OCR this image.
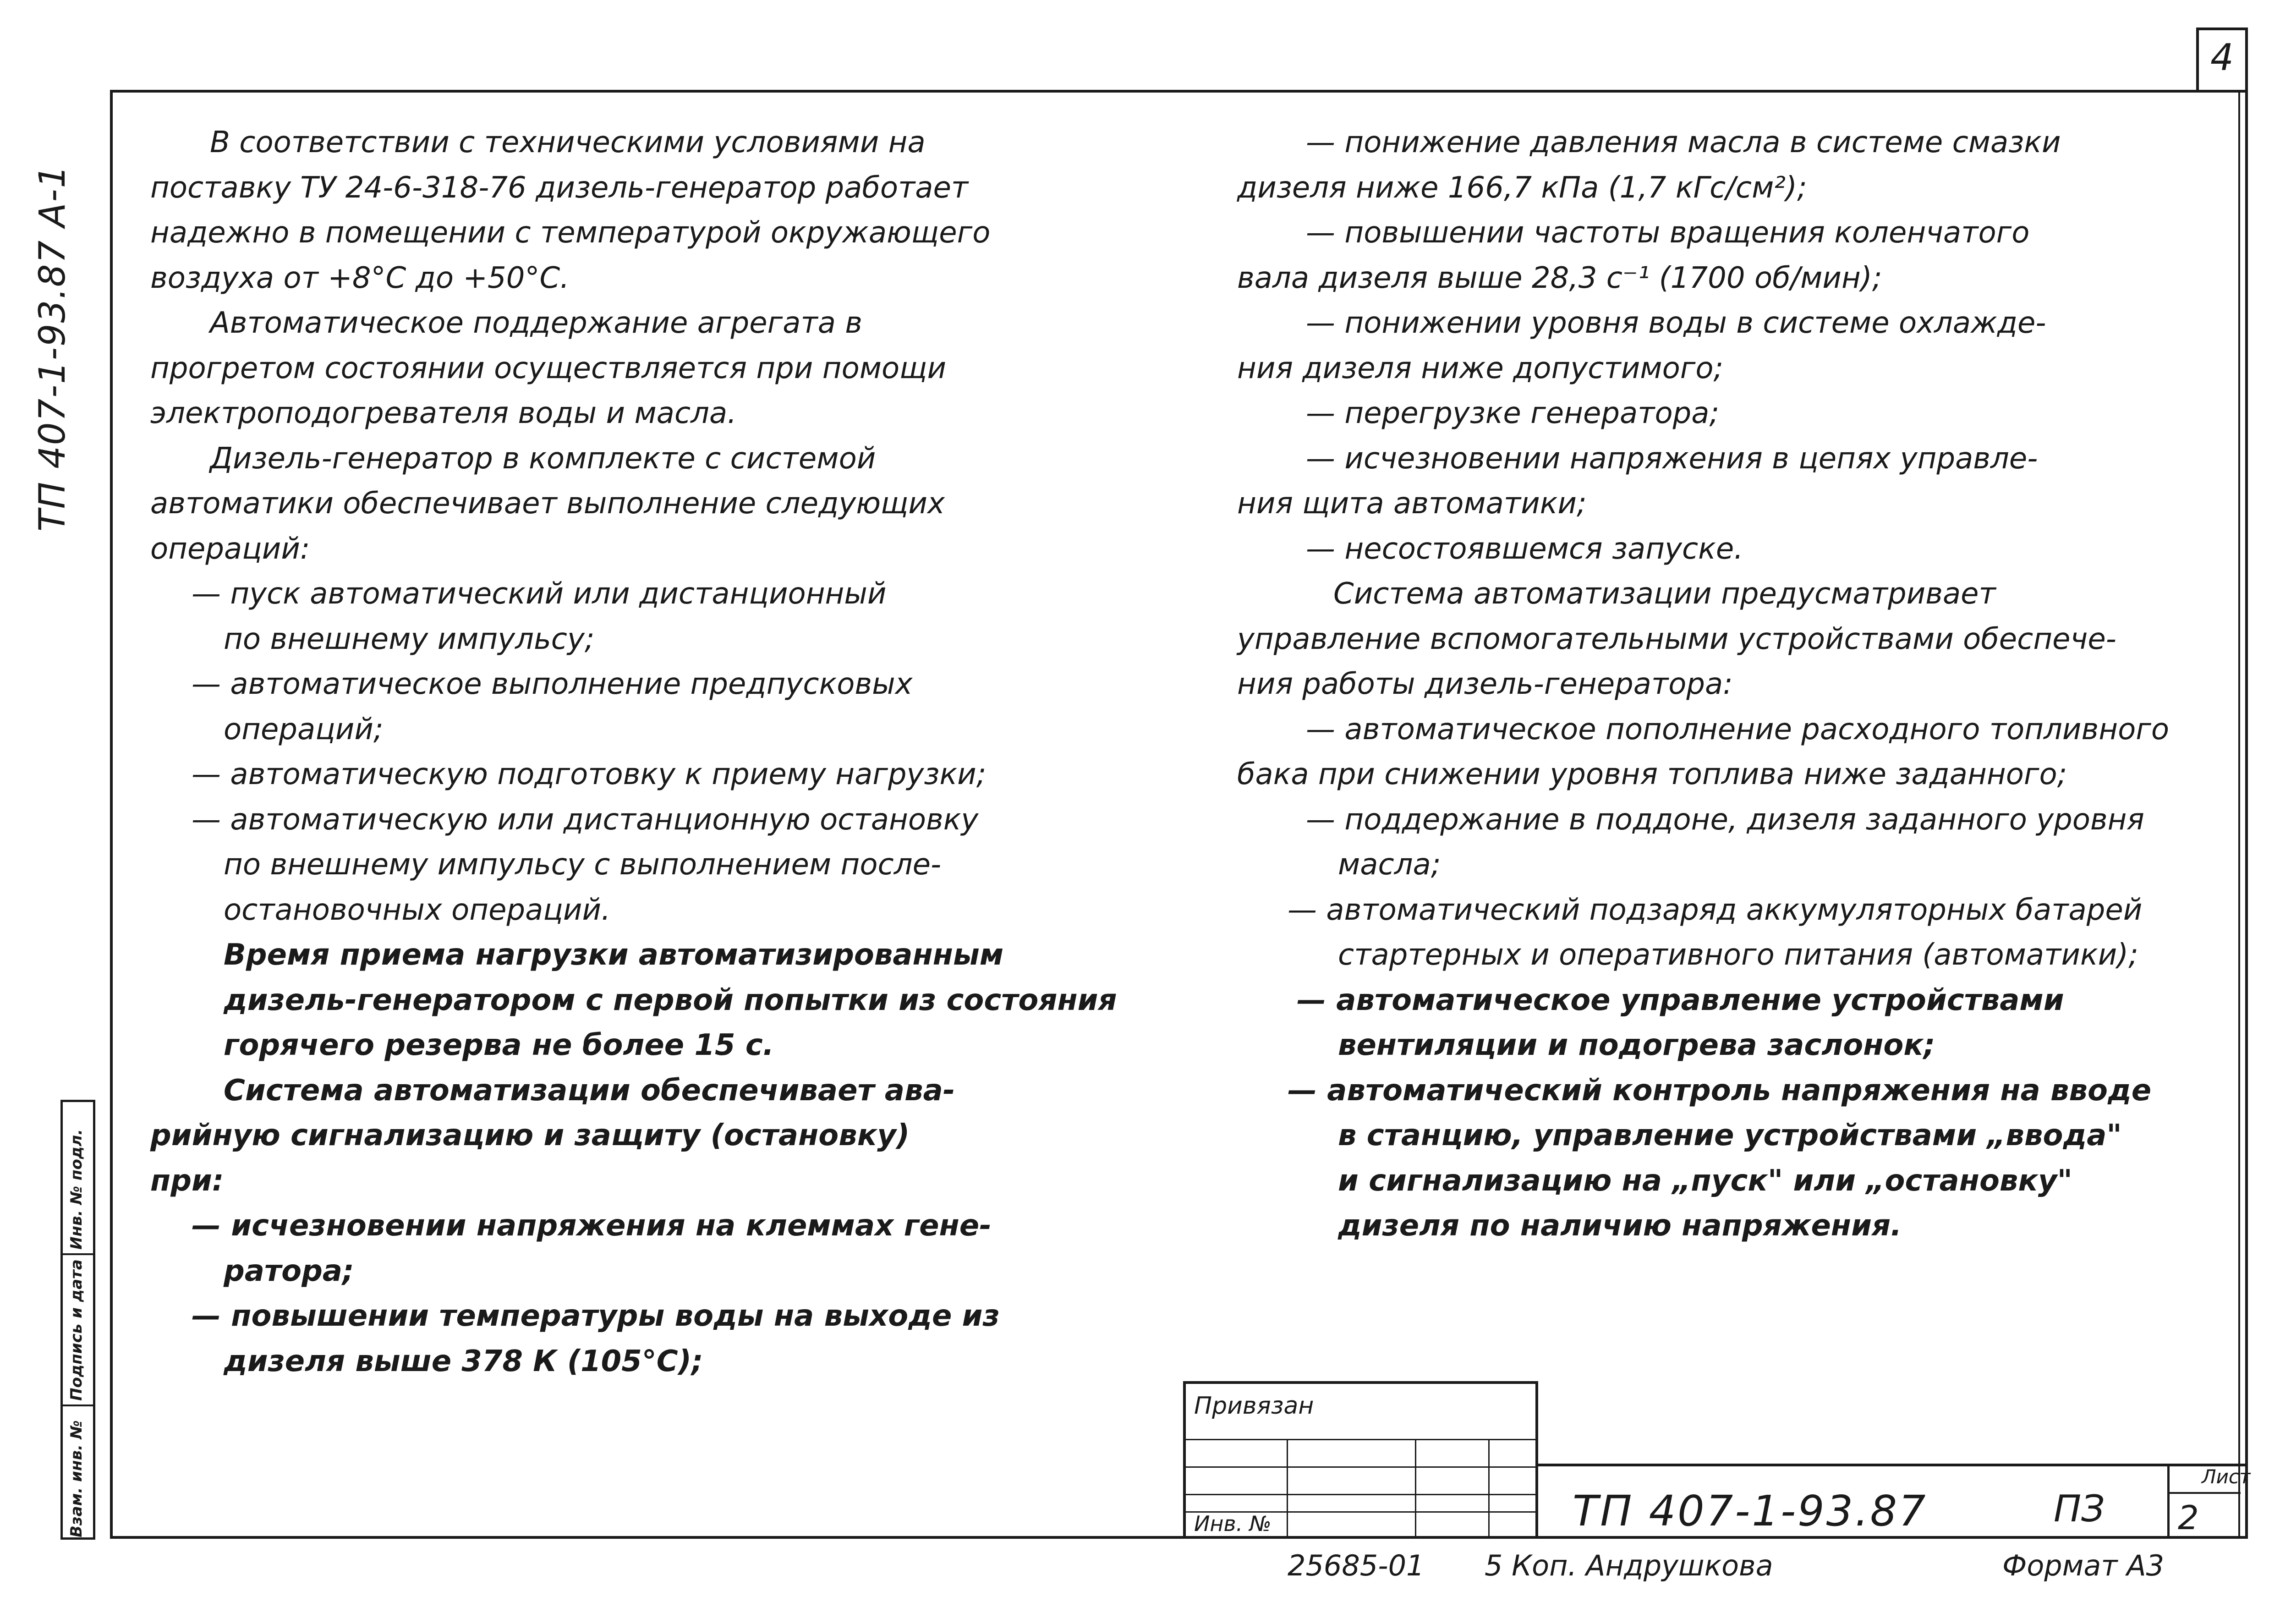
4
ТП 407-1-93.87 А-1
Инв. № подл.
Подпись и дата
Взам. инв. №
В соответствии с техническими условиями на
поставку ТУ 24-6-318-76 дизель-генератор работает
надежно в помещении с температурой окружающего
воздуха от +8°С до +50°С.
Автоматическое поддержание агрегата в
прогретом состоянии осуществляется при помощи
электроподогревателя воды и масла.
Дизель-генератор в комплекте с системой
автоматики обеспечивает выполнение следующих
операций:
— пуск автоматический или дистанционный
по внешнему импульсу;
— автоматическое выполнение предпусковых
операций;
— автоматическую подготовку к приему нагрузки;
— автоматическую или дистанционную остановку
по внешнему импульсу с выполнением после-
остановочных операций.
Время приема нагрузки автоматизированным
дизель-генератором с первой попытки из состояния
горячего резерва не более 15 с.
Система автоматизации обеспечивает ава-
рийную сигнализацию и защиту (остановку)
при:
— исчезновении напряжения на клеммах гене-
ратора;
— повышении температуры воды на выходе из
дизеля выше 378 К (105°С);
— понижение давления масла в системе смазки
дизеля ниже 166,7 кПа (1,7 кГс/см²);
— повышении частоты вращения коленчатого
вала дизеля выше 28,3 с⁻¹ (1700 об/мин);
— понижении уровня воды в системе охлажде-
ния дизеля ниже допустимого;
— перегрузке генератора;
— исчезновении напряжения в цепях управле-
ния щита автоматики;
— несостоявшемся запуске.
Система автоматизации предусматривает
управление вспомогательными устройствами обеспече-
ния работы дизель-генератора:
— автоматическое пополнение расходного топливного
бака при снижении уровня топлива ниже заданного;
— поддержание в поддоне, дизеля заданного уровня
масла;
— автоматический подзаряд аккумуляторных батарей
стартерных и оперативного питания (автоматики);
— автоматическое управление устройствами
вентиляции и подогрева заслонок;
— автоматический контроль напряжения на вводе
в станцию, управление устройствами „ввода"
и сигнализацию на „пуск" или „остановку"
дизеля по наличию напряжения.
Привязан
Инв. №	ТП 407-1-93.87	ПЗ
Лист
2
25685-01 5 Коп. Андрушкова	Формат А3
